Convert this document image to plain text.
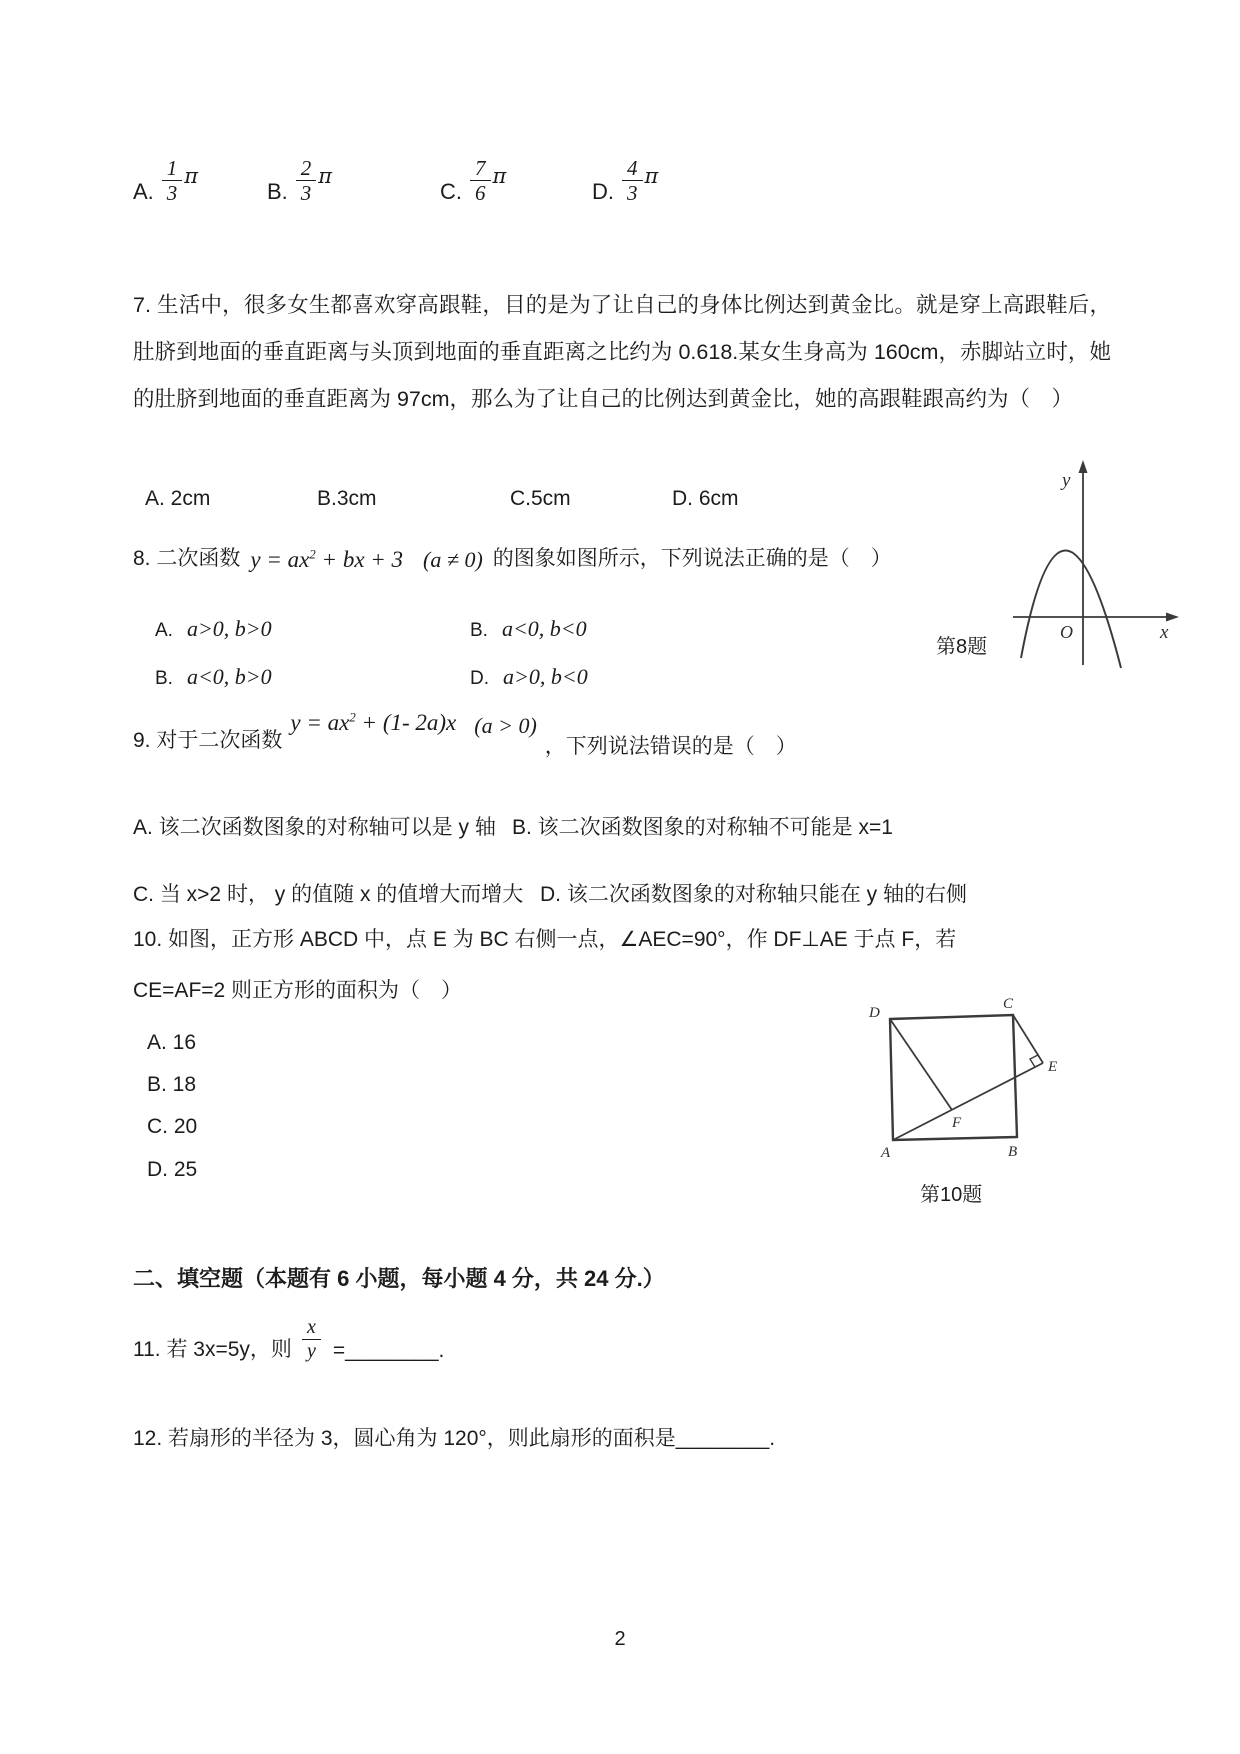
A. $\frac{1}{3}$ π
B. $\frac{2}{3}$ π
C. $\frac{7}{6}$ π
D. $\frac{4}{3}$ π
7. 生活中，很多女生都喜欢穿高跟鞋，目的是为了让自己的身体比例达到黄金比。就是穿上高跟鞋后，肚脐到地面的垂直距离与头顶到地面的垂直距离之比约为 0.618.某女生身高为 160cm，赤脚站立时，她的肚脐到地面的垂直距离为 97cm，那么为了让自己的比例达到黄金比，她的高跟鞋跟高约为（　）
A. 2cm	B.3cm	C.5cm	D. 6cm
8. 二次函数 $y = ax^2$ + bx + 3 (a ≠ 0) 的图象如图所示，下列说法正确的是（　）
A. a>0, b>0	B. a<0, b<0
B. a<0, b>0	D. a>0, b<0
y
x
O
第8题
9. 对于二次函数
$y = ax^2 + (1-$ 2a)x (a > 0)
，下列说法错误的是（　）
A. 该二次函数图象的对称轴可以是 y 轴 B. 该二次函数图象的对称轴不可能是 x=1
C. 当 x>2 时， y 的值随 x 的值增大而增大 D. 该二次函数图象的对称轴只能在 y 轴的右侧
10. 如图，正方形 ABCD 中，点 E 为 BC 右侧一点，∠AEC=90°，作 DF⊥AE 于点 F，若
CE=AF=2 则正方形的面积为（　）
A. 16
B. 18
C. 20
D. 25
D
C
A	B
E
F
第10题
二、填空题（本题有 6 小题，每小题 4 分，共 24 分.）
11. 若 3x=5y，则 $\frac{x}{y}$ =________.
12. 若扇形的半径为 3，圆心角为 120°，则此扇形的面积是________.
2
